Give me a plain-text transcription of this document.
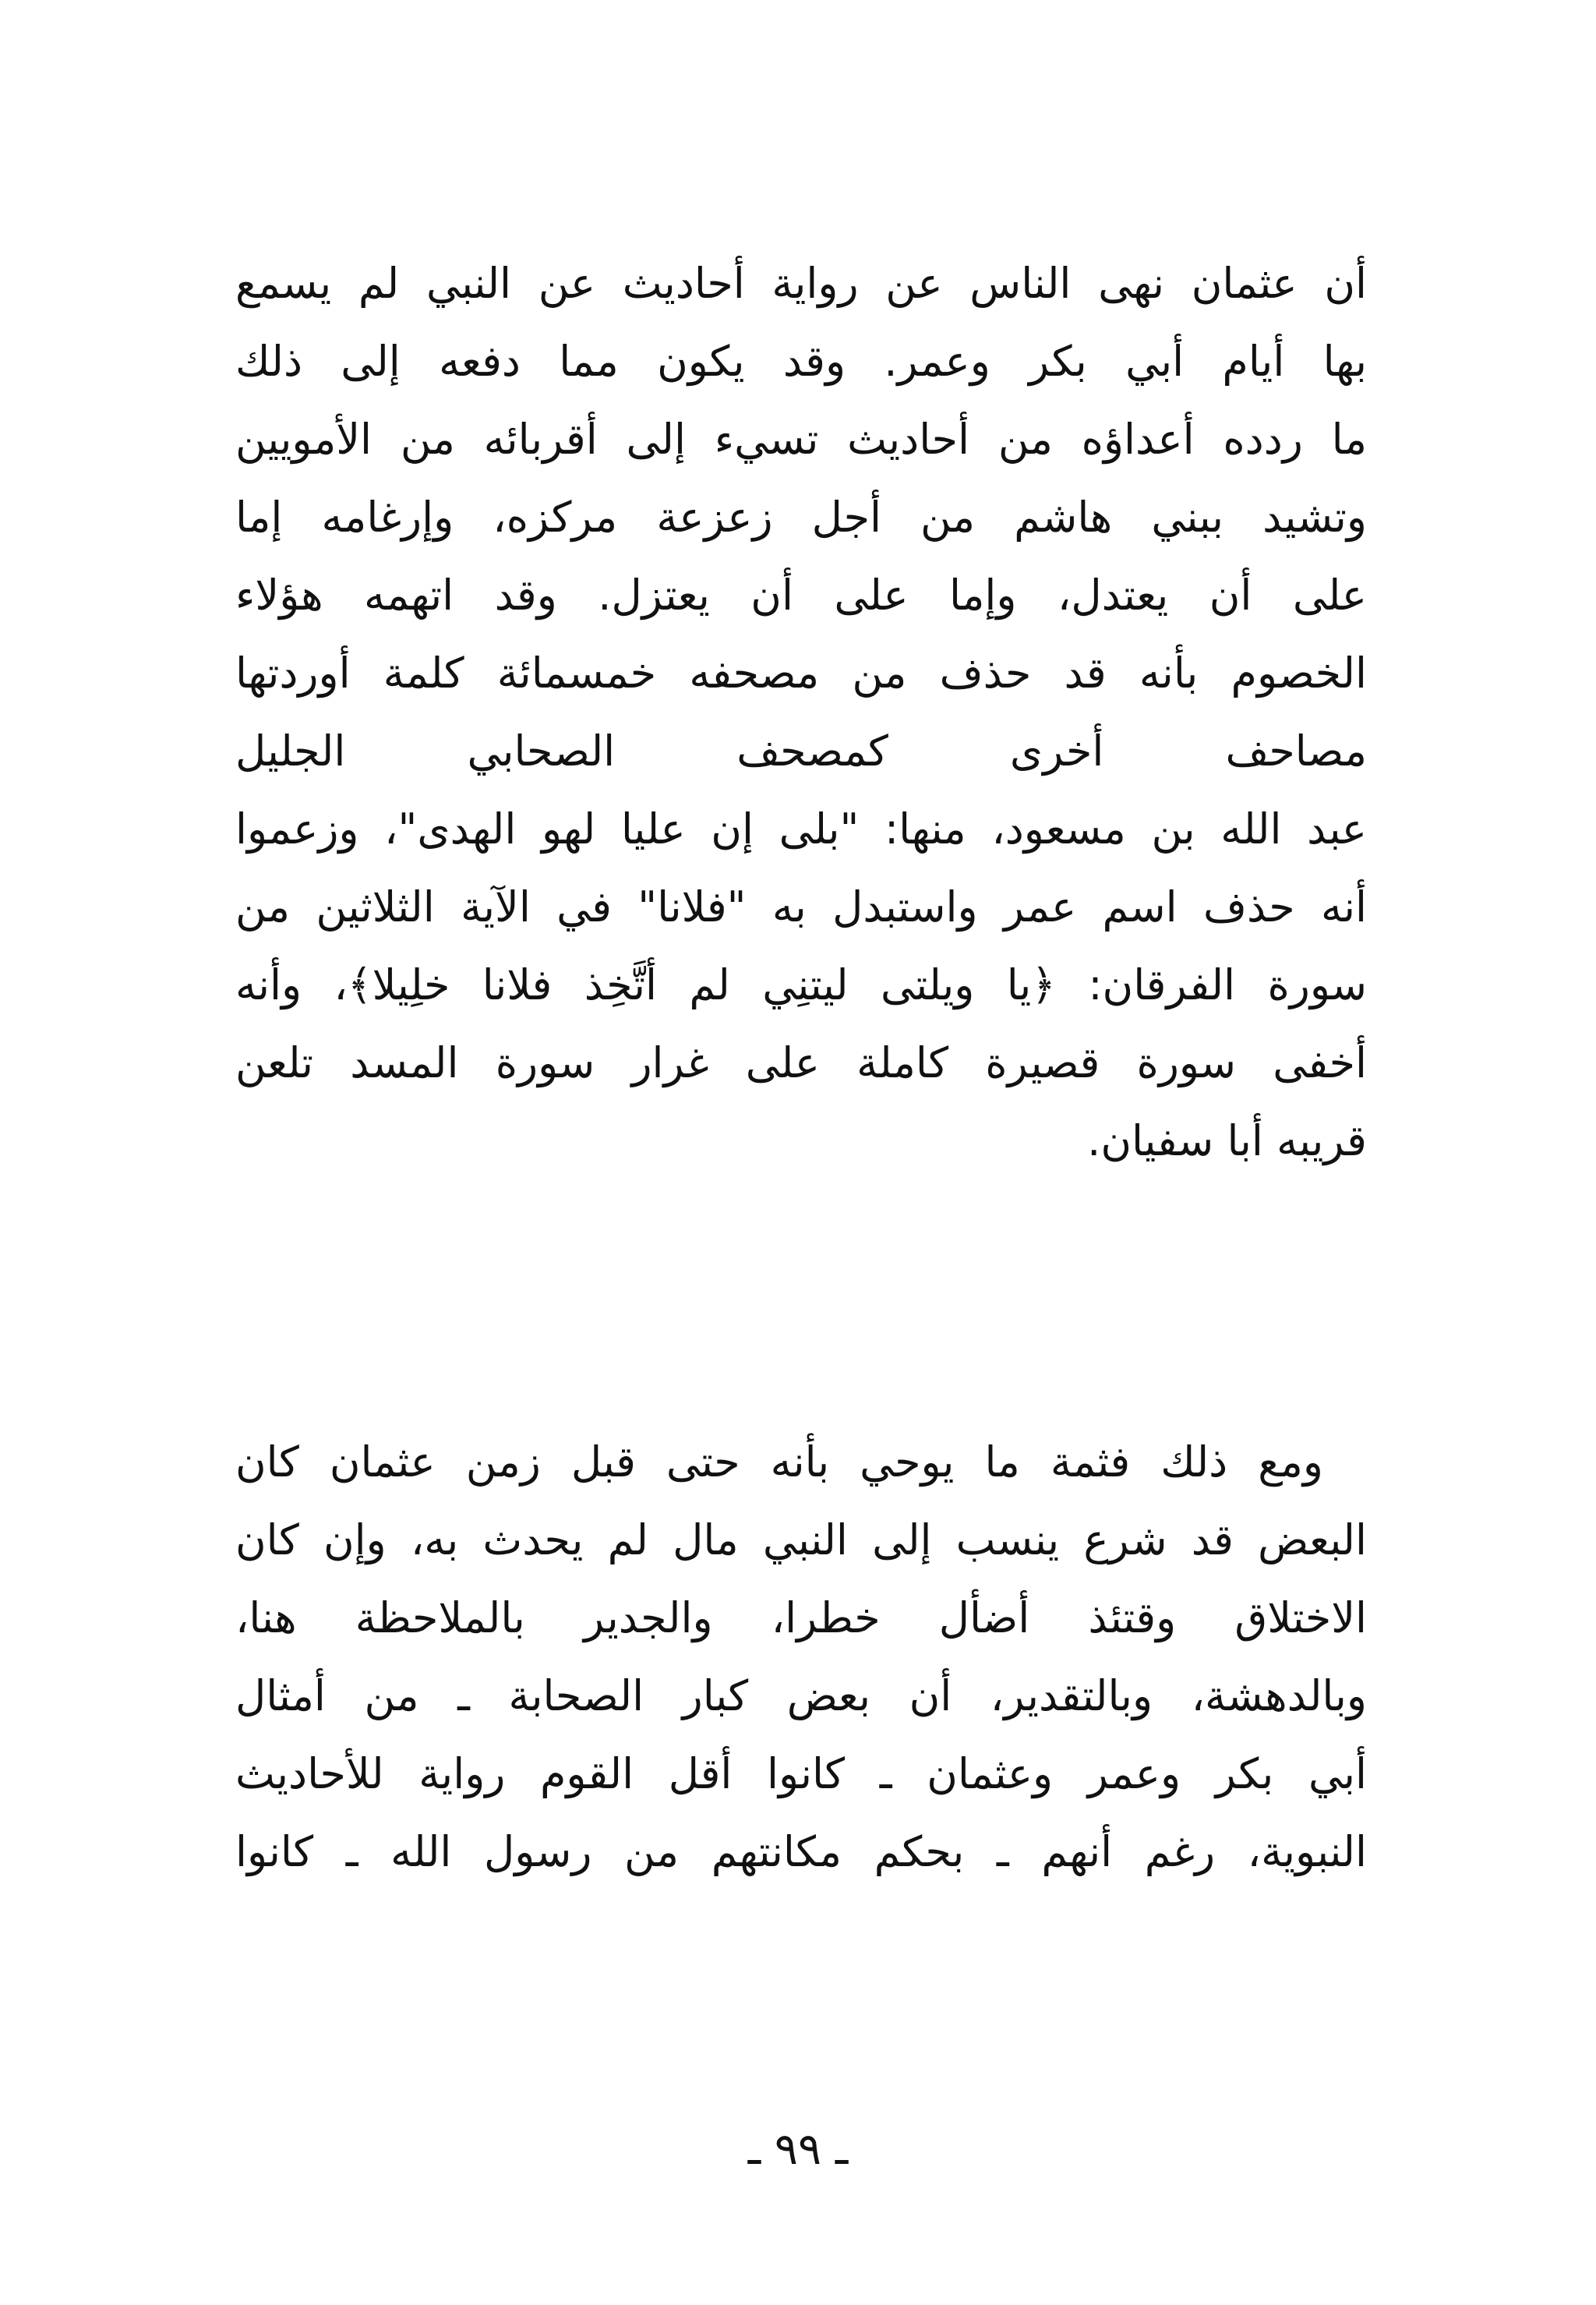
أن عثمان نهى الناس عن رواية أحاديث عن النبي لم يسمع
بها أيام أبي بكر وعمر. وقد يكون مما دفعه إلى ذلك
ما ردده أعداؤه من أحاديث تسيء إلى أقربائه من الأمويين
وتشيد ببني هاشم من أجل زعزعة مركزه، وإرغامه إما
على أن يعتدل، وإما على أن يعتزل. وقد اتهمه هؤلاء
الخصوم بأنه قد حذف من مصحفه خمسمائة كلمة أوردتها
مصاحف أخرى كمصحف الصحابي الجليل
عبد الله بن مسعود، منها: "بلى إن عليا لهو الهدى"، وزعموا
أنه حذف اسم عمر واستبدل به "فلانا" في الآية الثلاثين من
سورة الفرقان: ﴿يا ويلتى ليتنِي لم أتَّخِذ فلانا خلِيلا﴾، وأنه
أخفى سورة قصيرة كاملة على غرار سورة المسد تلعن
قريبه أبا سفيان.
ومع ذلك فثمة ما يوحي بأنه حتى قبل زمن عثمان كان
البعض قد شرع ينسب إلى النبي مال لم يحدث به، وإن كان
الاختلاق وقتئذ أضأل خطرا، والجدير بالملاحظة هنا،
وبالدهشة، وبالتقدير، أن بعض كبار الصحابة ـ من أمثال
أبي بكر وعمر وعثمان ـ كانوا أقل القوم رواية للأحاديث
النبوية، رغم أنهم ـ بحكم مكانتهم من رسول الله ـ كانوا
ـ ٩٩ ـ
